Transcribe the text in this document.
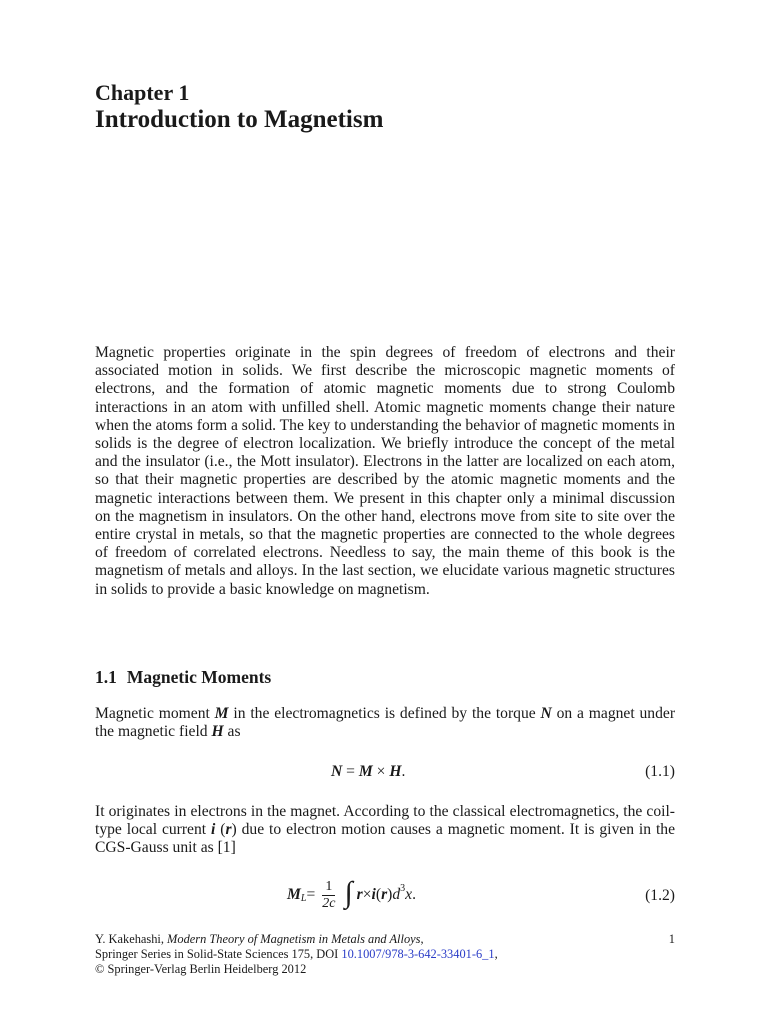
Chapter 1
Introduction to Magnetism

Magnetic properties originate in the spin degrees of freedom of electrons and their associated motion in solids. We first describe the microscopic magnetic moments of electrons, and the formation of atomic magnetic moments due to strong Coulomb interactions in an atom with unfilled shell. Atomic magnetic moments change their nature when the atoms form a solid. The key to understanding the behavior of magnetic moments in solids is the degree of electron localization. We briefly introduce the concept of the metal and the insulator (i.e., the Mott insulator). Electrons in the latter are localized on each atom, so that their magnetic properties are described by the atomic magnetic moments and the magnetic interactions between them. We present in this chapter only a minimal discussion on the magnetism in insulators. On the other hand, electrons move from site to site over the entire crystal in metals, so that the magnetic properties are connected to the whole degrees of freedom of correlated electrons. Needless to say, the main theme of this book is the magnetism of metals and alloys. In the last section, we elucidate various magnetic structures in solids to provide a basic knowledge on magnetism.

1.1 Magnetic Moments

Magnetic moment M in the electromagnetics is defined by the torque N on a magnet under the magnetic field H as

N = M × H.	(1.1)

It originates in electrons in the magnet. According to the classical electromagnetics, the coil-type local current i (r) due to electron motion causes a magnetic moment. It is given in the CGS-Gauss unit as [1]

M $L = \frac{1}{2c}$ ∫ r × i ( r ) d 3 x .	(1.2)
Y. Kakehashi, Modern Theory of Magnetism in Metals and Alloys,	1
Springer Series in Solid-State Sciences 175, DOI 10.1007/978-3-642-33401-6_1,
© Springer-Verlag Berlin Heidelberg 2012
